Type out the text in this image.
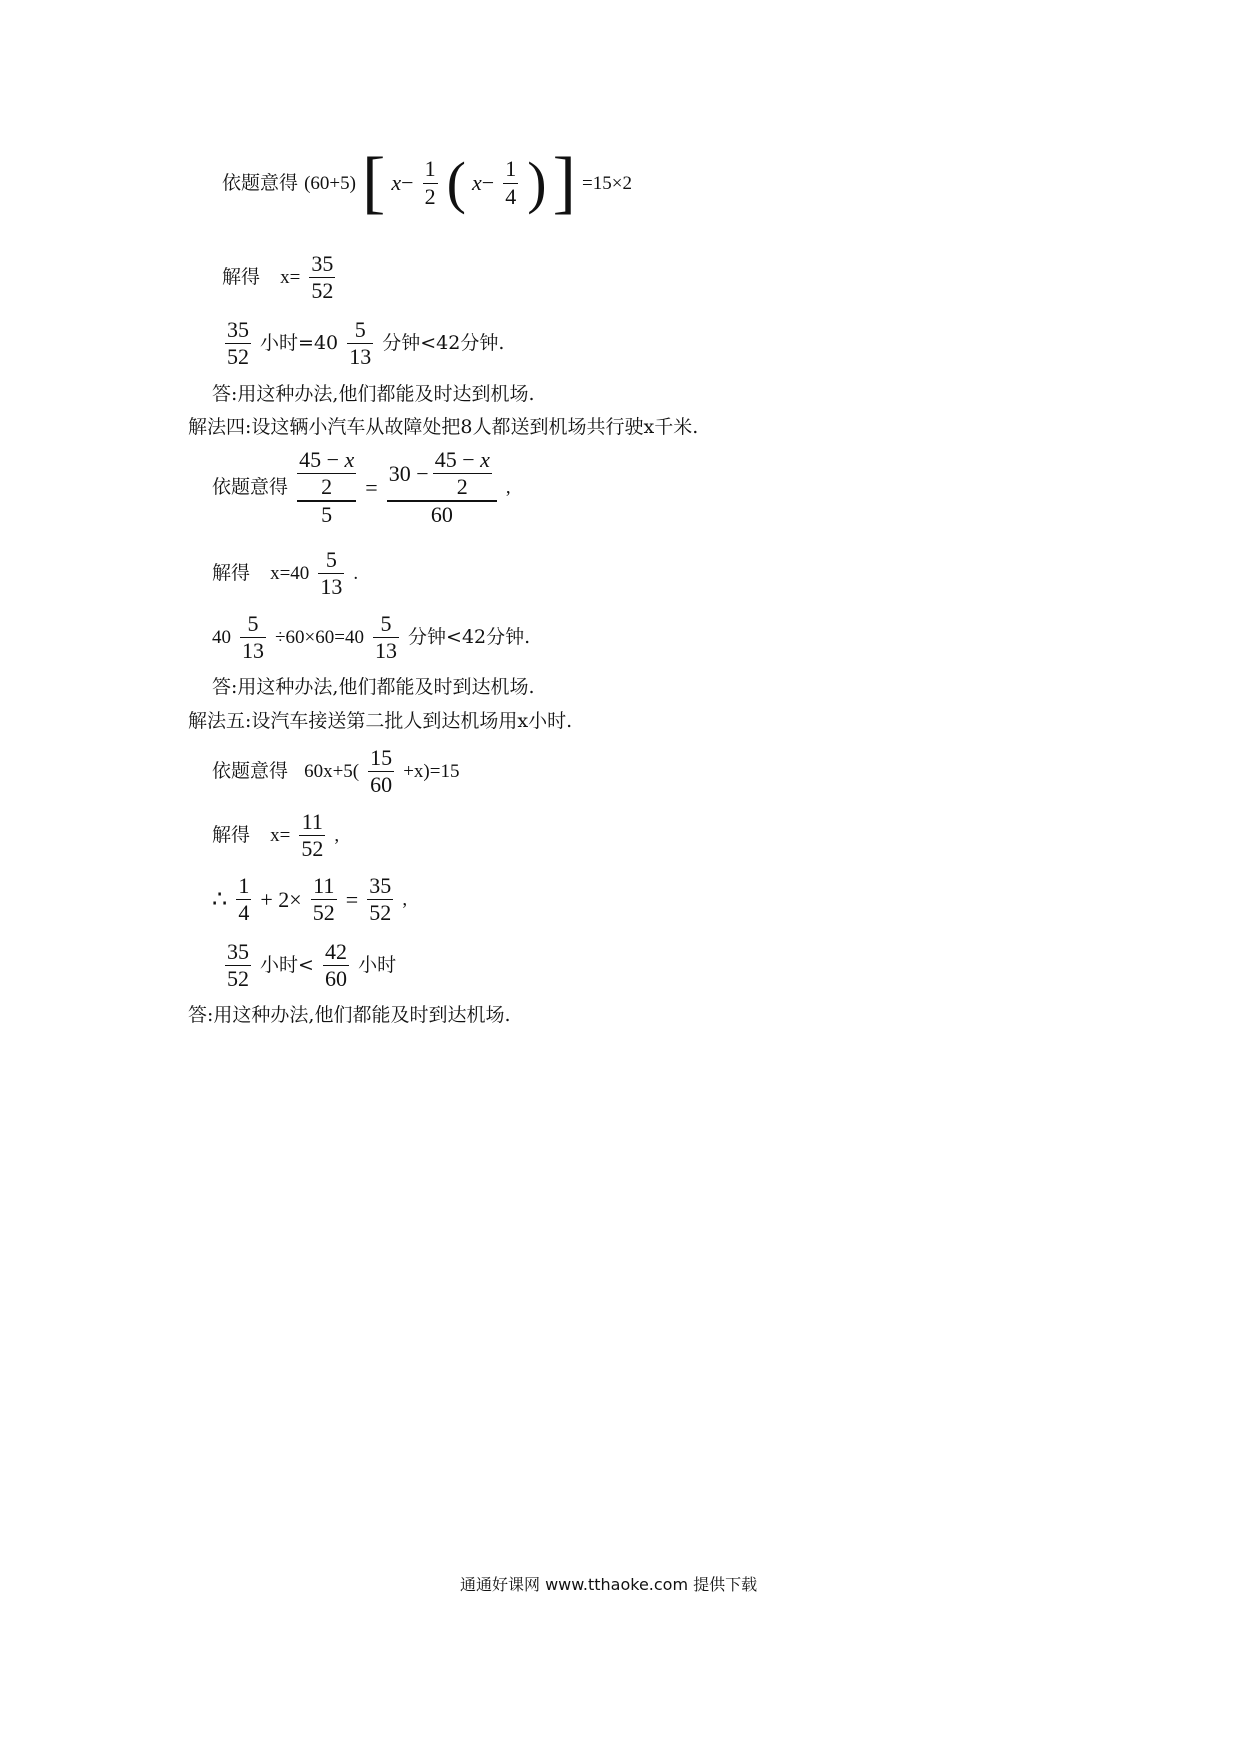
依题意得 (60+5) [ $x- \frac{1}{2}$ ( $x- \frac{1}{4}$ ) ] =15×2
解得 $x= \frac{35}{52}$
$\frac{35}{52}$ 小时$=40 \frac{5}{13}$ 分钟<42分钟.
答:用这种办法,他们都能及时达到机场.
解法四:设这辆小汽车从故障处把8人都送到机场共行驶x千米.
依题意得 $\frac{\frac{45 - x}{2}}{5} = \frac{30 - \frac{45 - x}{2}}{60}$ ,
解得 $x=40 \frac{5}{13}$ .
$40 \frac{5}{13} \div 60\times 60=40 \frac{5}{13}$ 分钟<42分钟.
答:用这种办法,他们都能及时到达机场.
解法五:设汽车接送第二批人到达机场用x小时.
依题意得 $60x+5( \frac{15}{60} +x)=15$
解得 $x= \frac{11}{52}$ ,
∴ $\frac{1}{4} + 2\times \frac{11}{52} = \frac{35}{52}$ ,
$\frac{35}{52}$ 小时< $\frac{42}{60}$ 小时
答:用这种办法,他们都能及时到达机场.
通通好课网 www.tthaoke.com 提供下载
